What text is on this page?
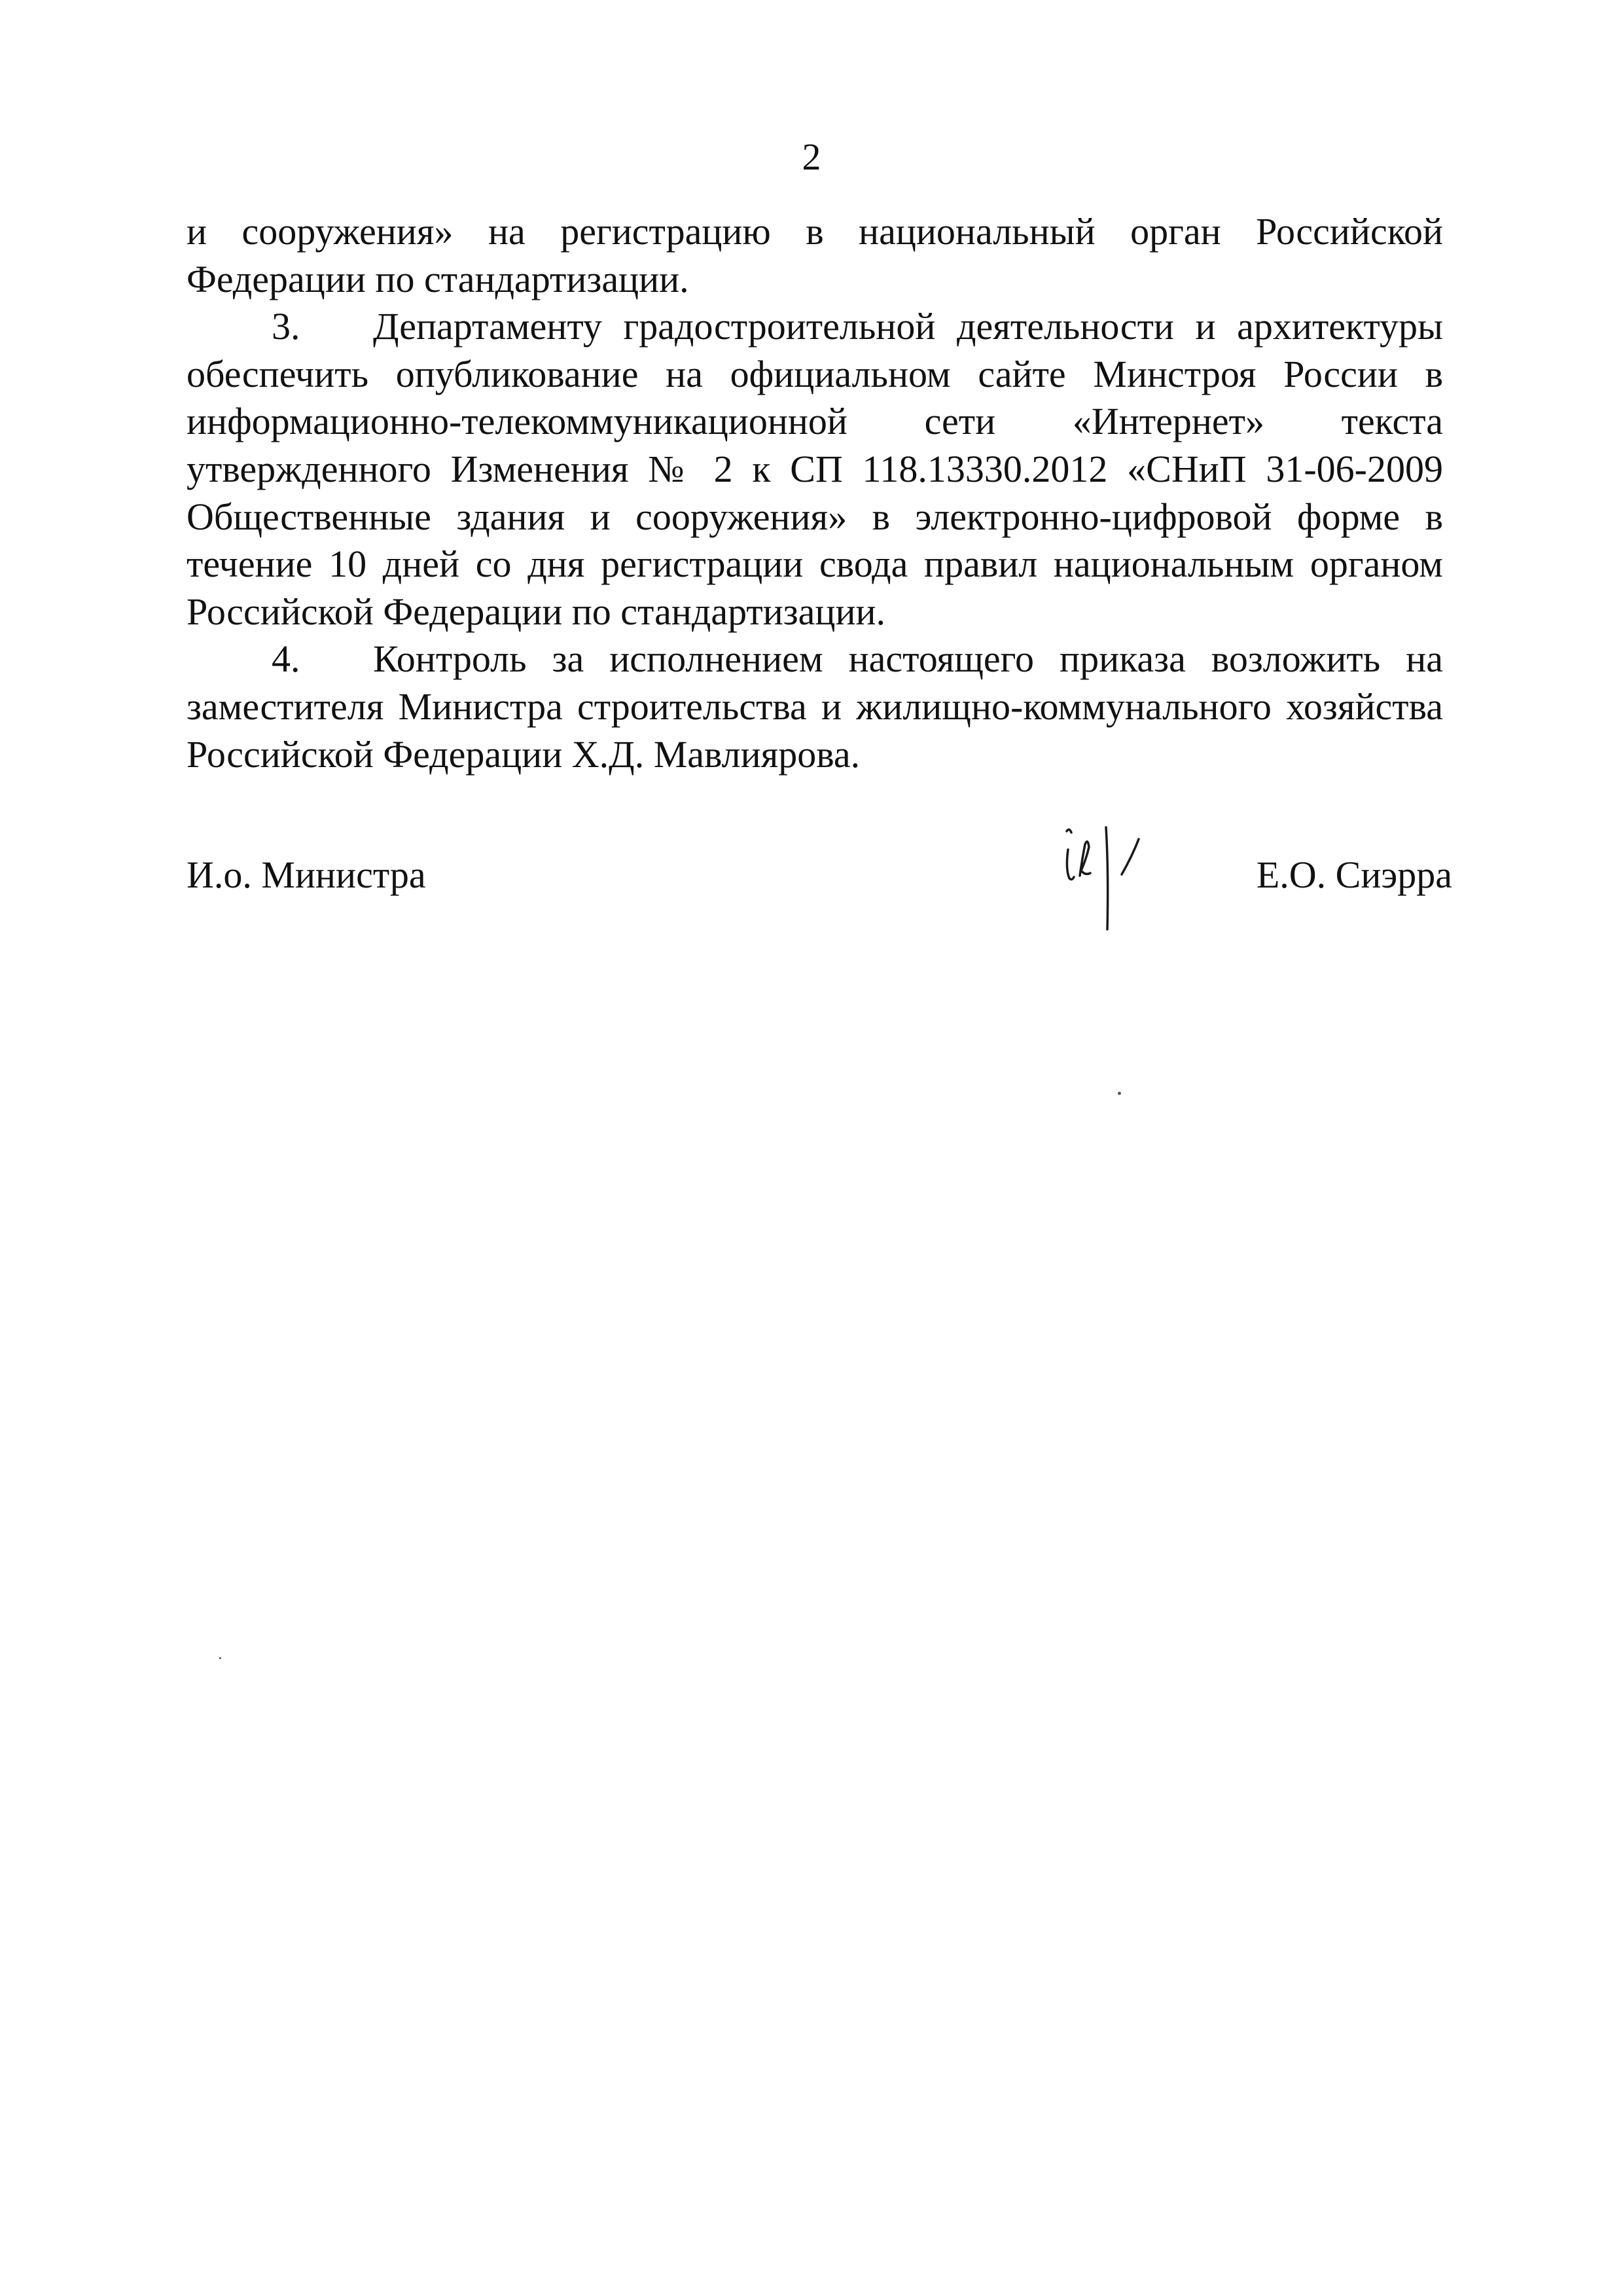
2

и сооружения» на регистрацию в национальный орган Российской Федерации по стандартизации.

3. Департаменту градостроительной деятельности и архитектуры обеспечить опубликование на официальном сайте Минстроя России в информационно-телекоммуникационной сети «Интернет» текста утвержденного Изменения № 2 к СП 118.13330.2012 «СНиП 31-06-2009 Общественные здания и сооружения» в электронно-цифровой форме в течение 10 дней со дня регистрации свода правил национальным органом Российской Федерации по стандартизации.

4. Контроль за исполнением настоящего приказа возложить на заместителя Министра строительства и жилищно-коммунального хозяйства Российской Федерации Х.Д. Мавлиярова.

И.о. Министра	Е.О. Сиэрра
